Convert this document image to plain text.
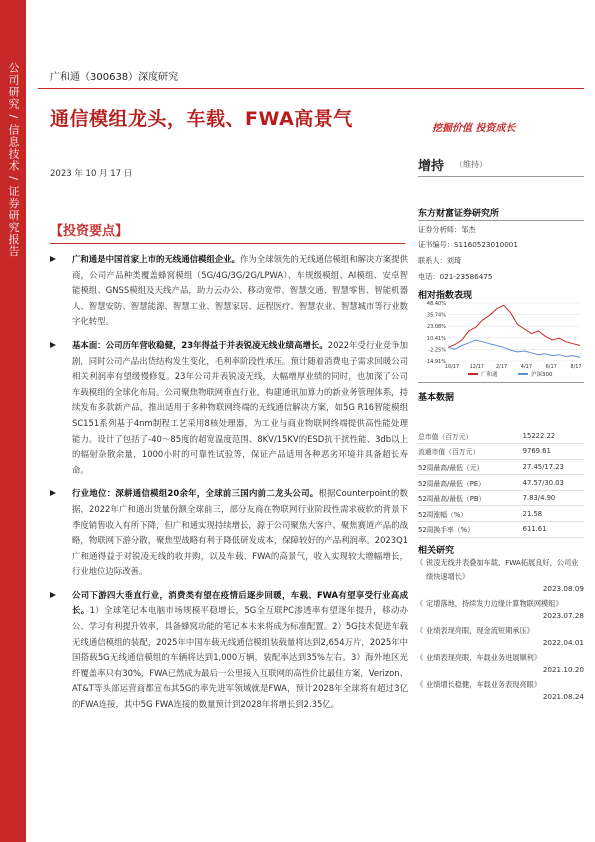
公司研究 / 信息技术 / 证券研究报告	广和通（300638）深度研究
通信模组龙头，车载、FWA高景气	挖掘价值 投资成长
2023 年 10 月 17 日	增持 （维持）
东方财富证券研究所
证券分析师：邹杰
证书编号：S1160523010001
联系人：刘琦
电话：021-23586475
相对指数表现
48.40%
35.74%
23.08%
10.41%
-2.25%
-14.91%
10/17 12/17 2/17	4/17	6/17	8/17
广和通	沪深300
基本数据
总市值（百万元）	15222.22
流通市值（百万元）	9769.61
52周最高/最低（元）	27.45/17.23
52周最高/最低（PE）	47.57/30.03
52周最高/最低（PB）	7.83/4.90
52周涨幅（%）	21.58
52周换手率（%）	611.61
相关研究
《 锐凌无线并表叠加车载、FWA拓展良好，公司业绩快速增长》
2023.08.09
《 定增落地，持续发力边缘计算物联网模组》
2023.07.28
《 业绩表现亮眼，现金流短期承压》
2022.04.01
《 业绩表现亮眼，车载业务进展顺利》
2021.10.20
《 业绩增长稳健，车载业务表现亮眼》
2021.08.24
【投资要点】
广和通是中国首家上市的无线通信模组企业。作为全球领先的无线通信模组和解决方案提供商，公司产品种类覆盖蜂窝模组（5G/4G/3G/2G/LPWA）、车规级模组、AI模组、安卓智能模组、GNSS模组及天线产品，助力云办公、移动宽带、智慧交通、智慧零售、智能机器人、智慧安防、智慧能源、智慧工业、智慧家居、远程医疗、智慧农业、智慧城市等行业数字化转型。
基本面：公司历年营收稳健，23年得益于并表锐凌无线业绩高增长。2022年受行业竞争加剧，同时公司产品出货结构发生变化，毛利率阶段性承压。预计随着消费电子需求回暖公司相关利润率有望缓慢修复。23年公司并表锐凌无线，大幅增厚业绩的同时，也加深了公司车载模组的全球化布局。公司聚焦物联网垂直行业，构建通讯加算力的新业务管理体系，持续发布多款新产品，推出适用于多种物联网终端的无线通信解决方案，如5G R16智能模组SC151系列基于4nm制程工艺采用8核处理器，为工业与商业物联网终端提供高性能处理能力。设计了包括了-40～85度的超宽温度范围、8KV/15KV的ESD抗干扰性能、3db以上的辐射杂散余量，1000小时的可靠性试验等，保证产品适用各种恶劣环境并具备超长寿命。
行业地位：深耕通信模组20余年，全球前三国内前二龙头公司。根据Counterpoint的数据，2022年广和通出货量份额全球前三，部分友商在物联网行业阶段性需求疲软的背景下季度销售收入有所下降，但广和通实现持续增长，源于公司聚焦大客户、聚焦赛道产品的战略，物联网下游分散，聚焦型战略有利于降低研发成本，保障较好的产品利润率。2023Q1广和通得益于对锐凌无线的收并购，以及车载、FWA的高景气，收入实现较大增幅增长，行业地位边际改善。
公司下游四大垂直行业，消费类有望在疫情后逐步回暖，车载、FWA有望享受行业高成长。1）全球笔记本电脑市场规模平稳增长，5G全互联PC渗透率有望逐年提升，移动办公、学习有利提升效率，具备蜂窝功能的笔记本未来将成为标准配置。2）5G技术促进车载无线通信模组的装配，2025年中国车载无线通信模组装载量将达到2,654万片，2025年中国搭载5G无线通信模组的车辆将达到1,000万辆，装配率达到35%左右。3）海外地区光纤覆盖率只有30%，FWA已然成为最后一公里接入互联网的高性价比最佳方案，Verizon、AT&T等头部运营商都宣布其5G的率先进军领域就是FWA，预计2028年全球将有超过3亿的FWA连接，其中5G FWA连接的数量预计到2028年将增长到2.35亿。
